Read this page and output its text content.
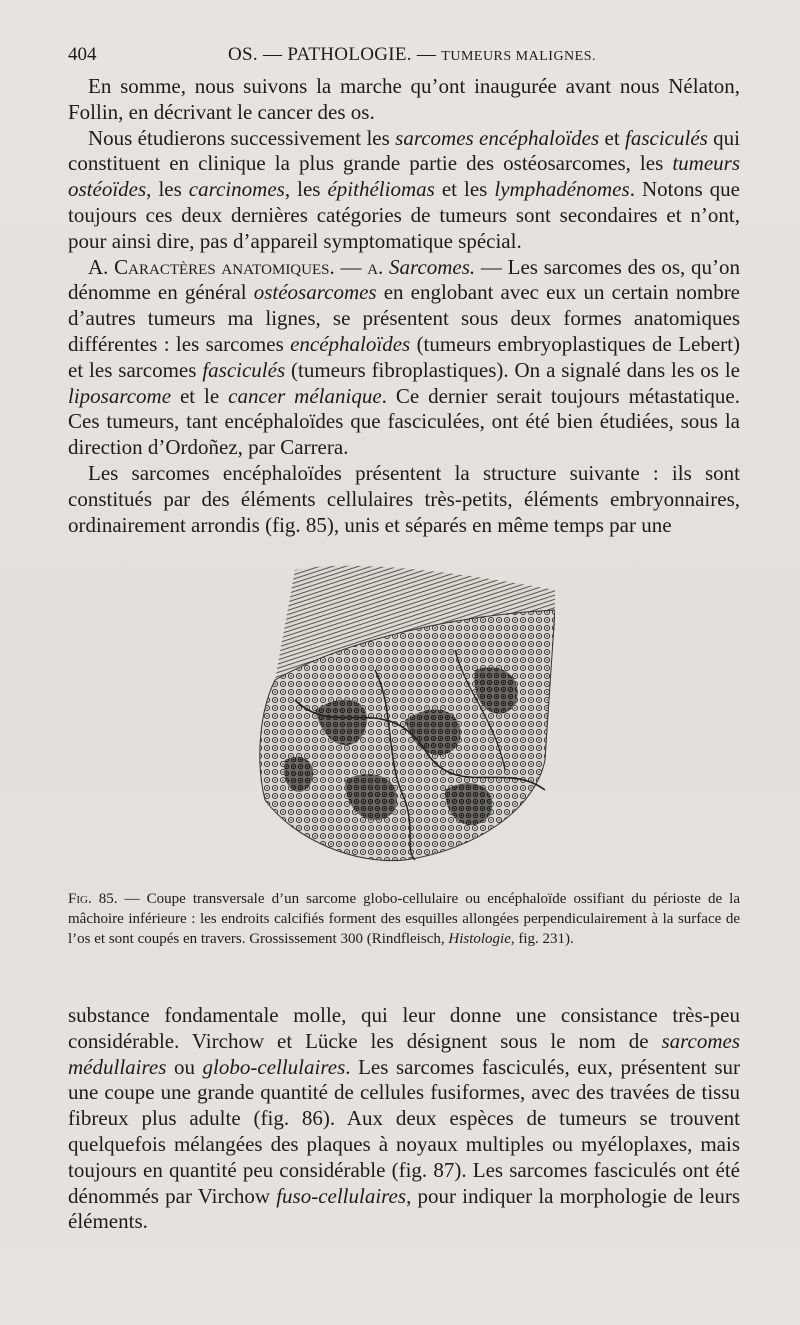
404	OS. — PATHOLOGIE. — TUMEURS MALIGNES.

En somme, nous suivons la marche qu’ont inaugurée avant nous Nélaton, Follin, en décrivant le cancer des os.

Nous étudierons successivement les sarcomes encéphaloïdes et fasciculés qui constituent en clinique la plus grande partie des ostéosarcomes, les tumeurs ostéoïdes, les carcinomes, les épithéliomas et les lymphadénomes. Notons que toujours ces deux dernières catégories de tumeurs sont secondaires et n’ont, pour ainsi dire, pas d’appareil symptomatique spécial.

A. Caractères anatomiques. — a. Sarcomes. — Les sarcomes des os, qu’on dénomme en général ostéosarcomes en englobant avec eux un certain nombre d’autres tumeurs ma lignes, se présentent sous deux formes anatomiques différentes : les sarcomes encéphaloïdes (tumeurs embryoplastiques de Lebert) et les sarcomes fasciculés (tumeurs fibroplastiques). On a signalé dans les os le liposarcome et le cancer mélanique. Ce dernier serait toujours métastatique. Ces tumeurs, tant encéphaloïdes que fasciculées, ont été bien étudiées, sous la direction d’Ordoñez, par Carrera.

Les sarcomes encéphaloïdes présentent la structure suivante : ils sont constitués par des éléments cellulaires très-petits, éléments embryonnaires, ordinairement arrondis (fig. 85), unis et séparés en même temps par une

Fig. 85. — Coupe transversale d’un sarcome globo-cellulaire ou encéphaloïde ossifiant du périoste de la mâchoire inférieure : les endroits calcifiés forment des esquilles allongées perpendiculairement à la surface de l’os et sont coupés en travers. Grossissement 300 (Rindfleisch, Histologie, fig. 231).

substance fondamentale molle, qui leur donne une consistance très-peu considérable. Virchow et Lücke les désignent sous le nom de sarcomes médullaires ou globo-cellulaires. Les sarcomes fasciculés, eux, présentent sur une coupe une grande quantité de cellules fusiformes, avec des travées de tissu fibreux plus adulte (fig. 86). Aux deux espèces de tumeurs se trouvent quelquefois mélangées des plaques à noyaux multiples ou myéloplaxes, mais toujours en quantité peu considérable (fig. 87). Les sarcomes fasciculés ont été dénommés par Virchow fuso-cellulaires, pour indiquer la morphologie de leurs éléments.
